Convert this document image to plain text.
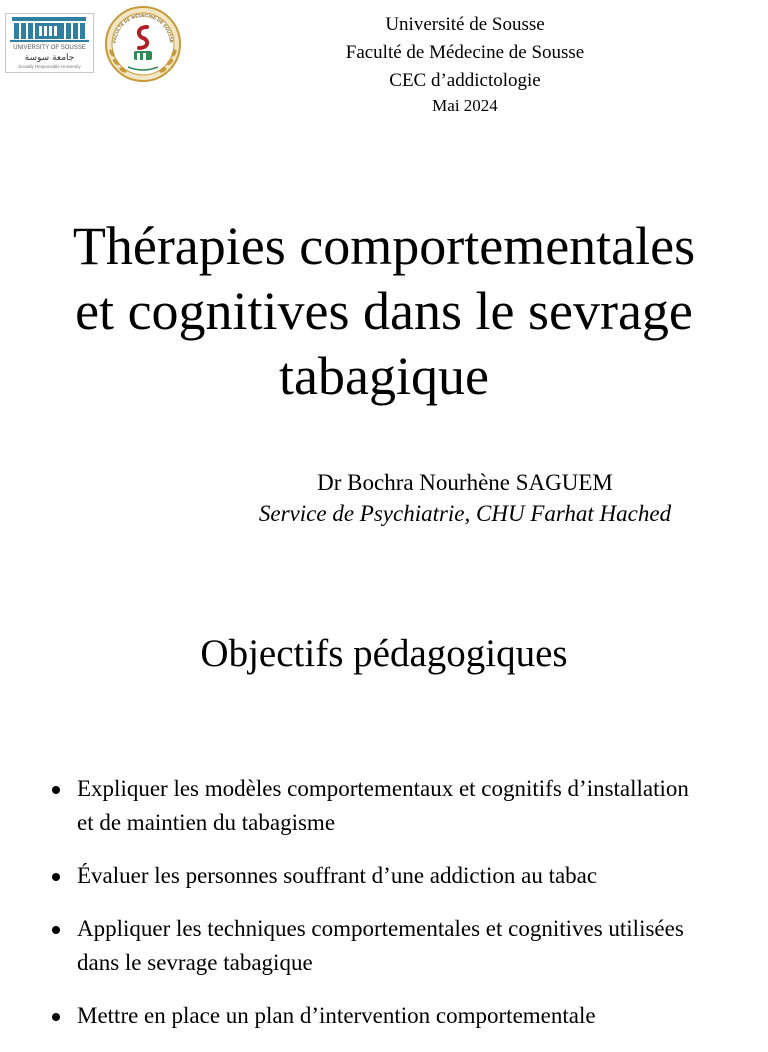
UNIVERSITY OF SOUSSE
جامعة سوسة
Socially Responsible University
FACULTÉ DE MÉDECINE DE SOUSSE
Université de Sousse
Faculté de Médecine de Sousse
CEC d’addictologie
Mai 2024
Thérapies comportementales
et cognitives dans le sevrage
tabagique
Dr Bochra Nourhène SAGUEM
Service de Psychiatrie, CHU Farhat Hached
Objectifs pédagogiques
Expliquer les modèles comportementaux et cognitifs d’installation et de maintien du tabagisme
Évaluer les personnes souffrant d’une addiction au tabac
Appliquer les techniques comportementales et cognitives utilisées dans le sevrage tabagique
Mettre en place un plan d’intervention comportementale
